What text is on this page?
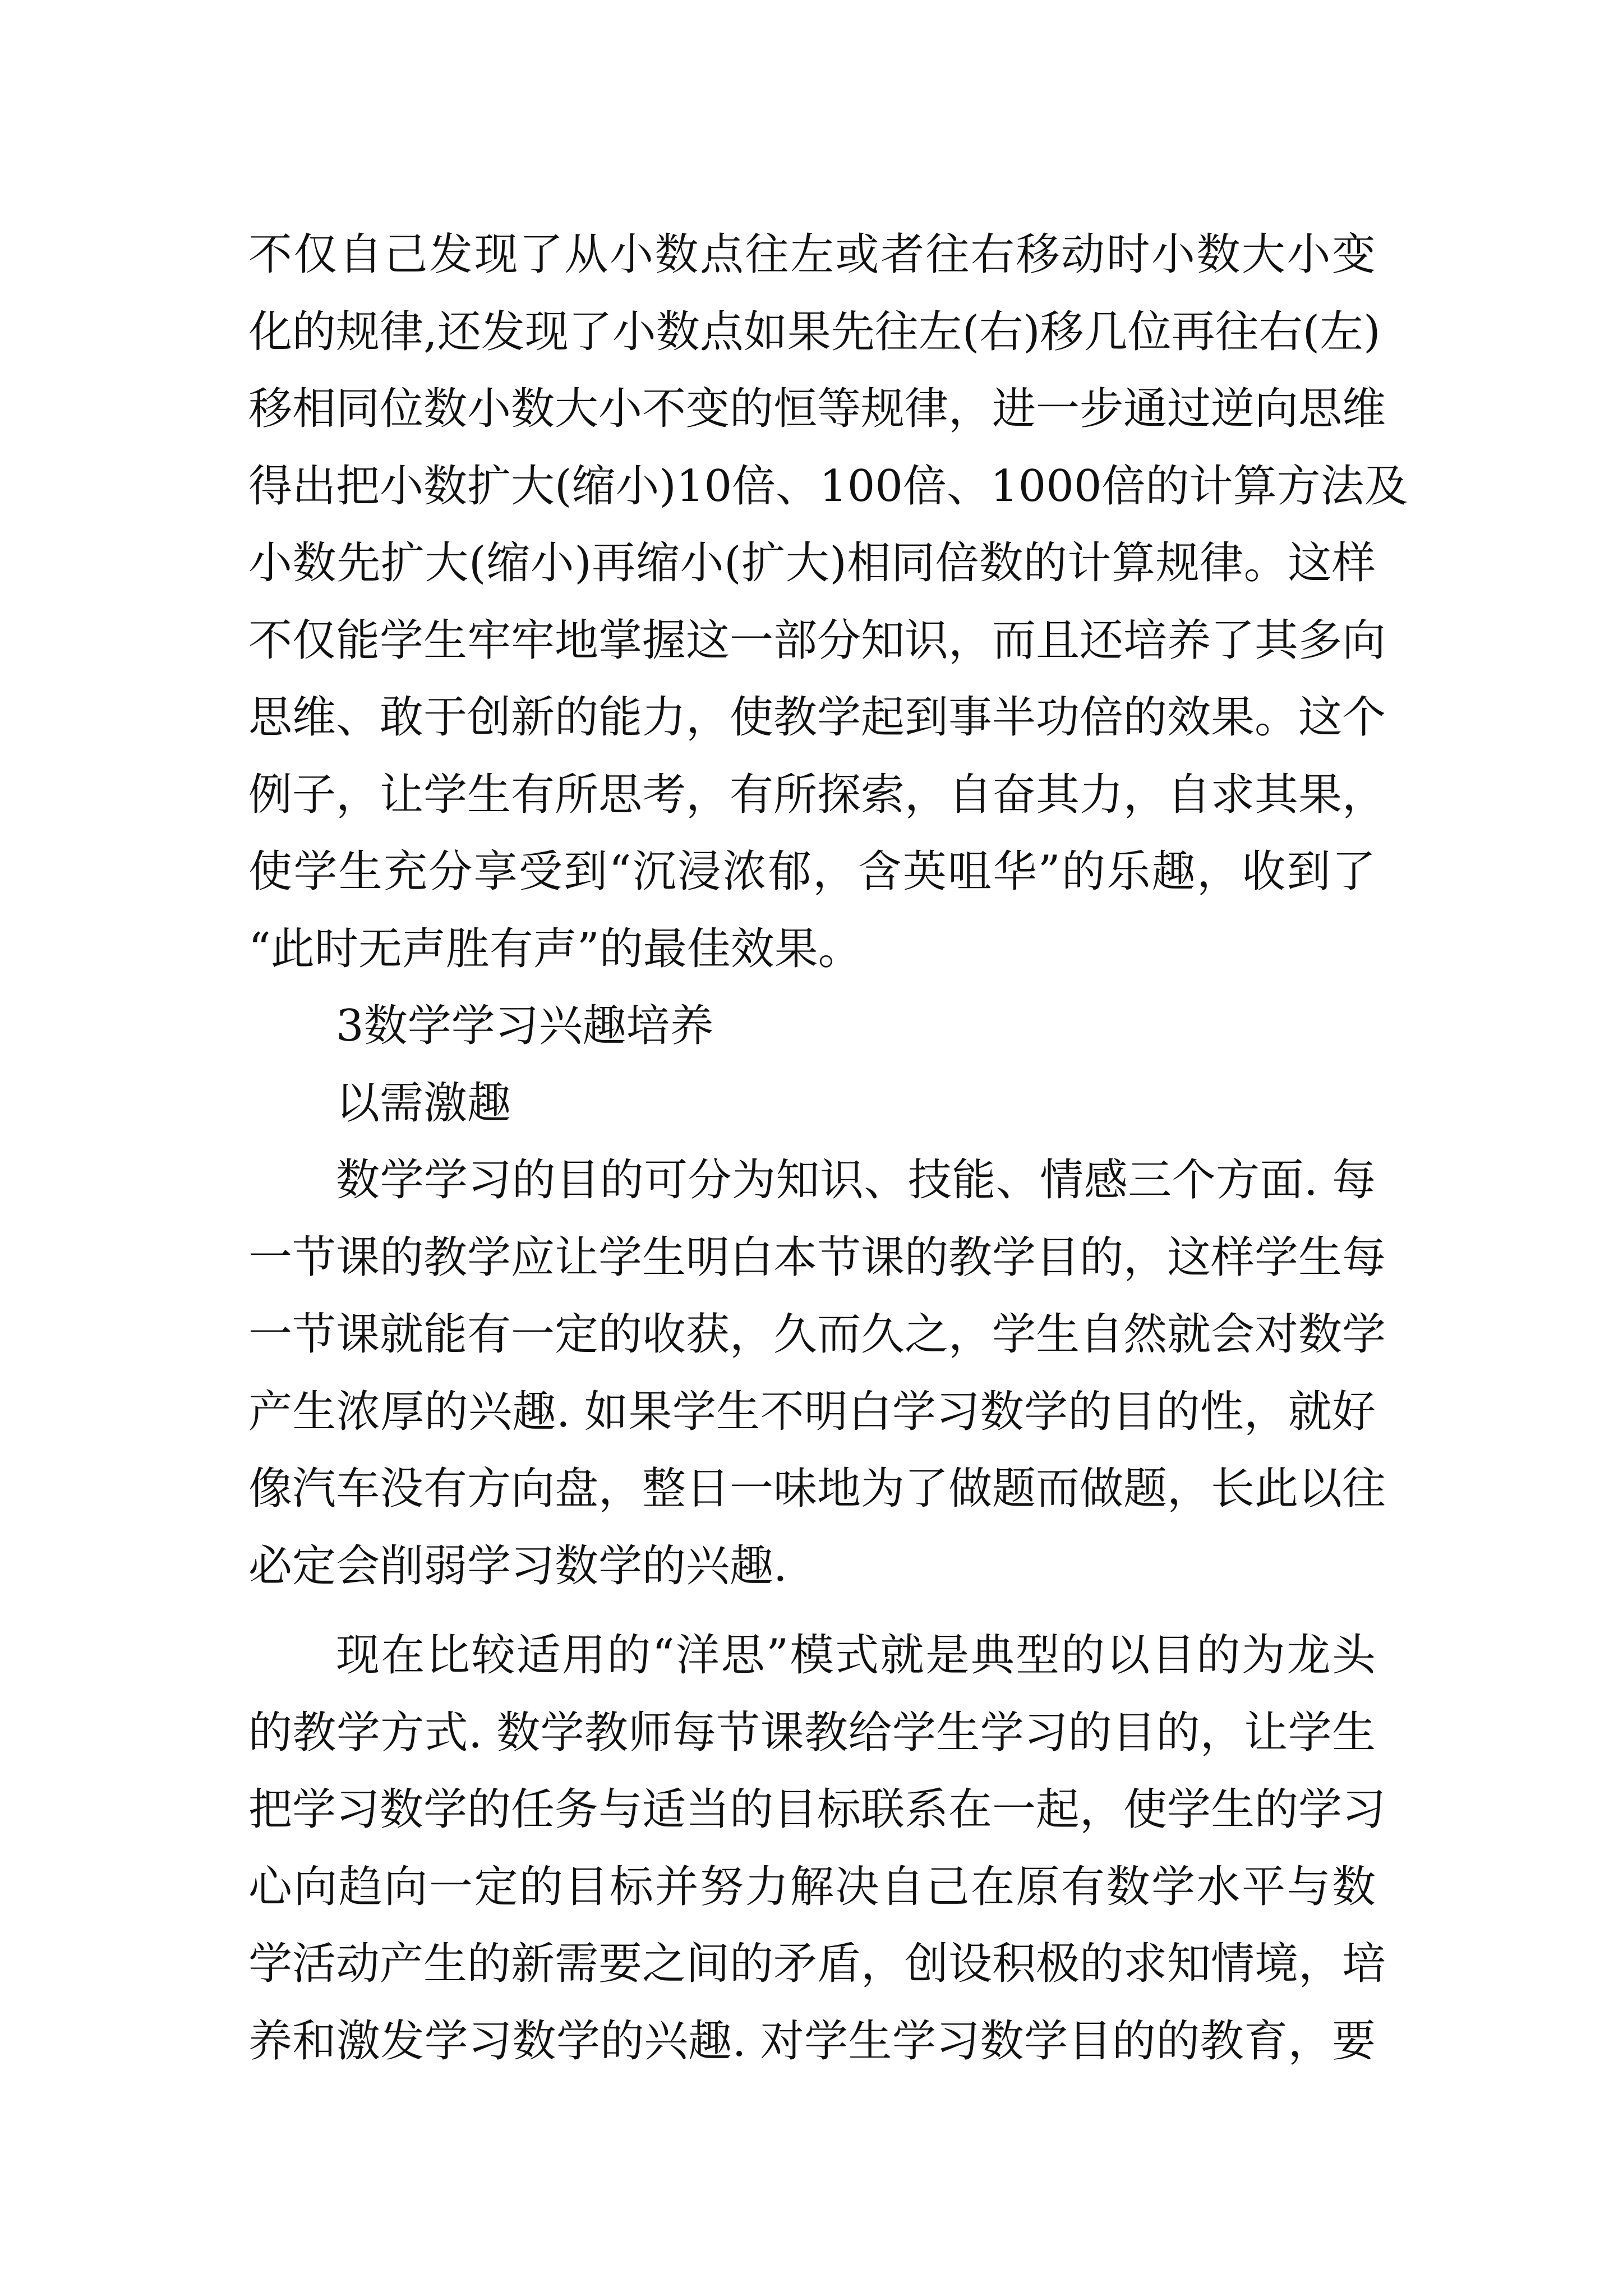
不仅自己发现了从小数点往左或者往右移动时小数大小变
化的规律,还发现了小数点如果先往左(右)移几位再往右(左)
移相同位数小数大小不变的恒等规律，进一步通过逆向思维
得出把小数扩大(缩小)10倍、100倍、1000倍的计算方法及
小数先扩大(缩小)再缩小(扩大)相同倍数的计算规律。这样
不仅能学生牢牢地掌握这一部分知识，而且还培养了其多向
思维、敢于创新的能力，使教学起到事半功倍的效果。这个
例子，让学生有所思考，有所探索，自奋其力，自求其果，
使学生充分享受到“沉浸浓郁，含英咀华”的乐趣，收到了
“此时无声胜有声”的最佳效果。
3数学学习兴趣培养
以需激趣
数学学习的目的可分为知识、技能、情感三个方面. 每
一节课的教学应让学生明白本节课的教学目的，这样学生每
一节课就能有一定的收获，久而久之，学生自然就会对数学
产生浓厚的兴趣. 如果学生不明白学习数学的目的性，就好
像汽车没有方向盘，整日一味地为了做题而做题，长此以往
必定会削弱学习数学的兴趣.
现在比较适用的“洋思”模式就是典型的以目的为龙头
的教学方式. 数学教师每节课教给学生学习的目的，让学生
把学习数学的任务与适当的目标联系在一起，使学生的学习
心向趋向一定的目标并努力解决自己在原有数学水平与数
学活动产生的新需要之间的矛盾，创设积极的求知情境，培
养和激发学习数学的兴趣. 对学生学习数学目的的教育，要
